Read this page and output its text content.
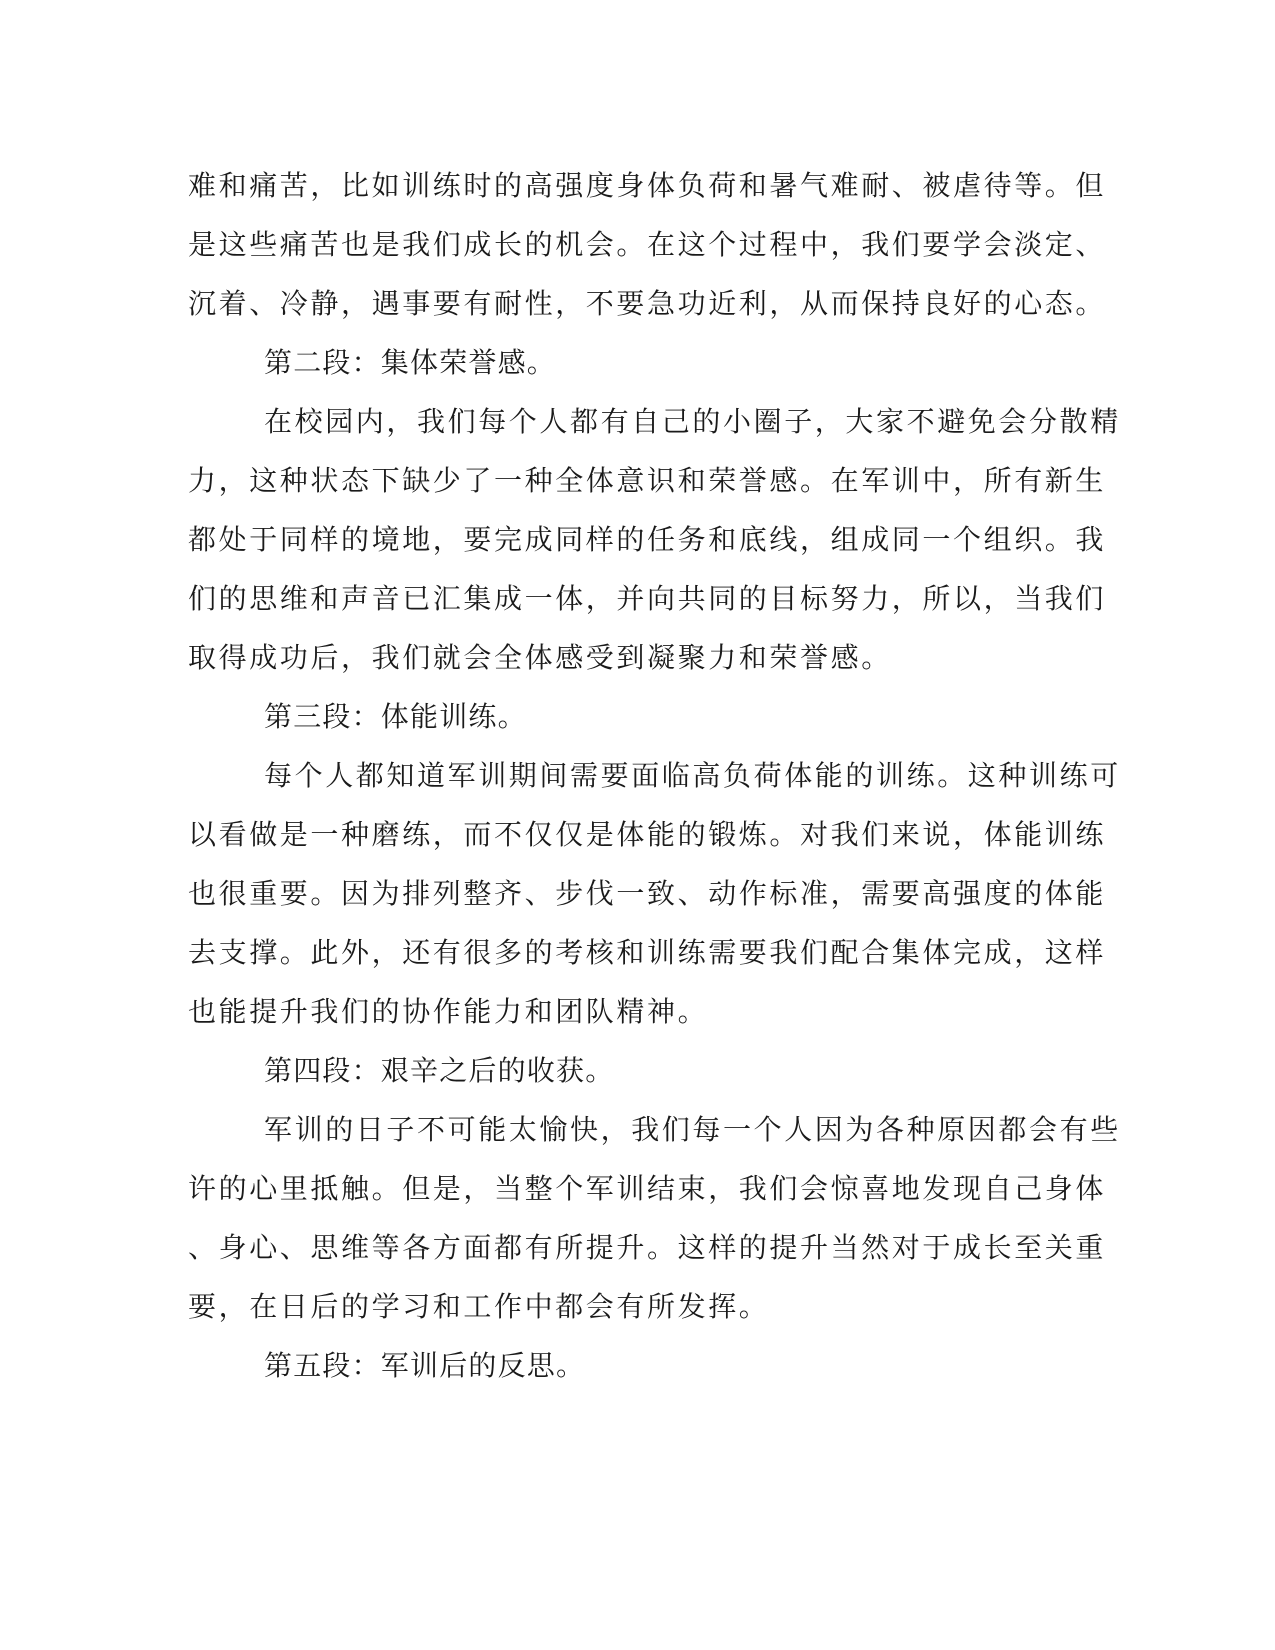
难和痛苦，比如训练时的高强度身体负荷和暑气难耐、被虐待等。但
是这些痛苦也是我们成长的机会。在这个过程中，我们要学会淡定、
沉着、冷静，遇事要有耐性，不要急功近利，从而保持良好的心态。
第二段：集体荣誉感。
在校园内，我们每个人都有自己的小圈子，大家不避免会分散精
力，这种状态下缺少了一种全体意识和荣誉感。在军训中，所有新生
都处于同样的境地，要完成同样的任务和底线，组成同一个组织。我
们的思维和声音已汇集成一体，并向共同的目标努力，所以，当我们
取得成功后，我们就会全体感受到凝聚力和荣誉感。
第三段：体能训练。
每个人都知道军训期间需要面临高负荷体能的训练。这种训练可
以看做是一种磨练，而不仅仅是体能的锻炼。对我们来说，体能训练
也很重要。因为排列整齐、步伐一致、动作标准，需要高强度的体能
去支撑。此外，还有很多的考核和训练需要我们配合集体完成，这样
也能提升我们的协作能力和团队精神。
第四段：艰辛之后的收获。
军训的日子不可能太愉快，我们每一个人因为各种原因都会有些
许的心里抵触。但是，当整个军训结束，我们会惊喜地发现自己身体
、身心、思维等各方面都有所提升。这样的提升当然对于成长至关重
要，在日后的学习和工作中都会有所发挥。
第五段：军训后的反思。
